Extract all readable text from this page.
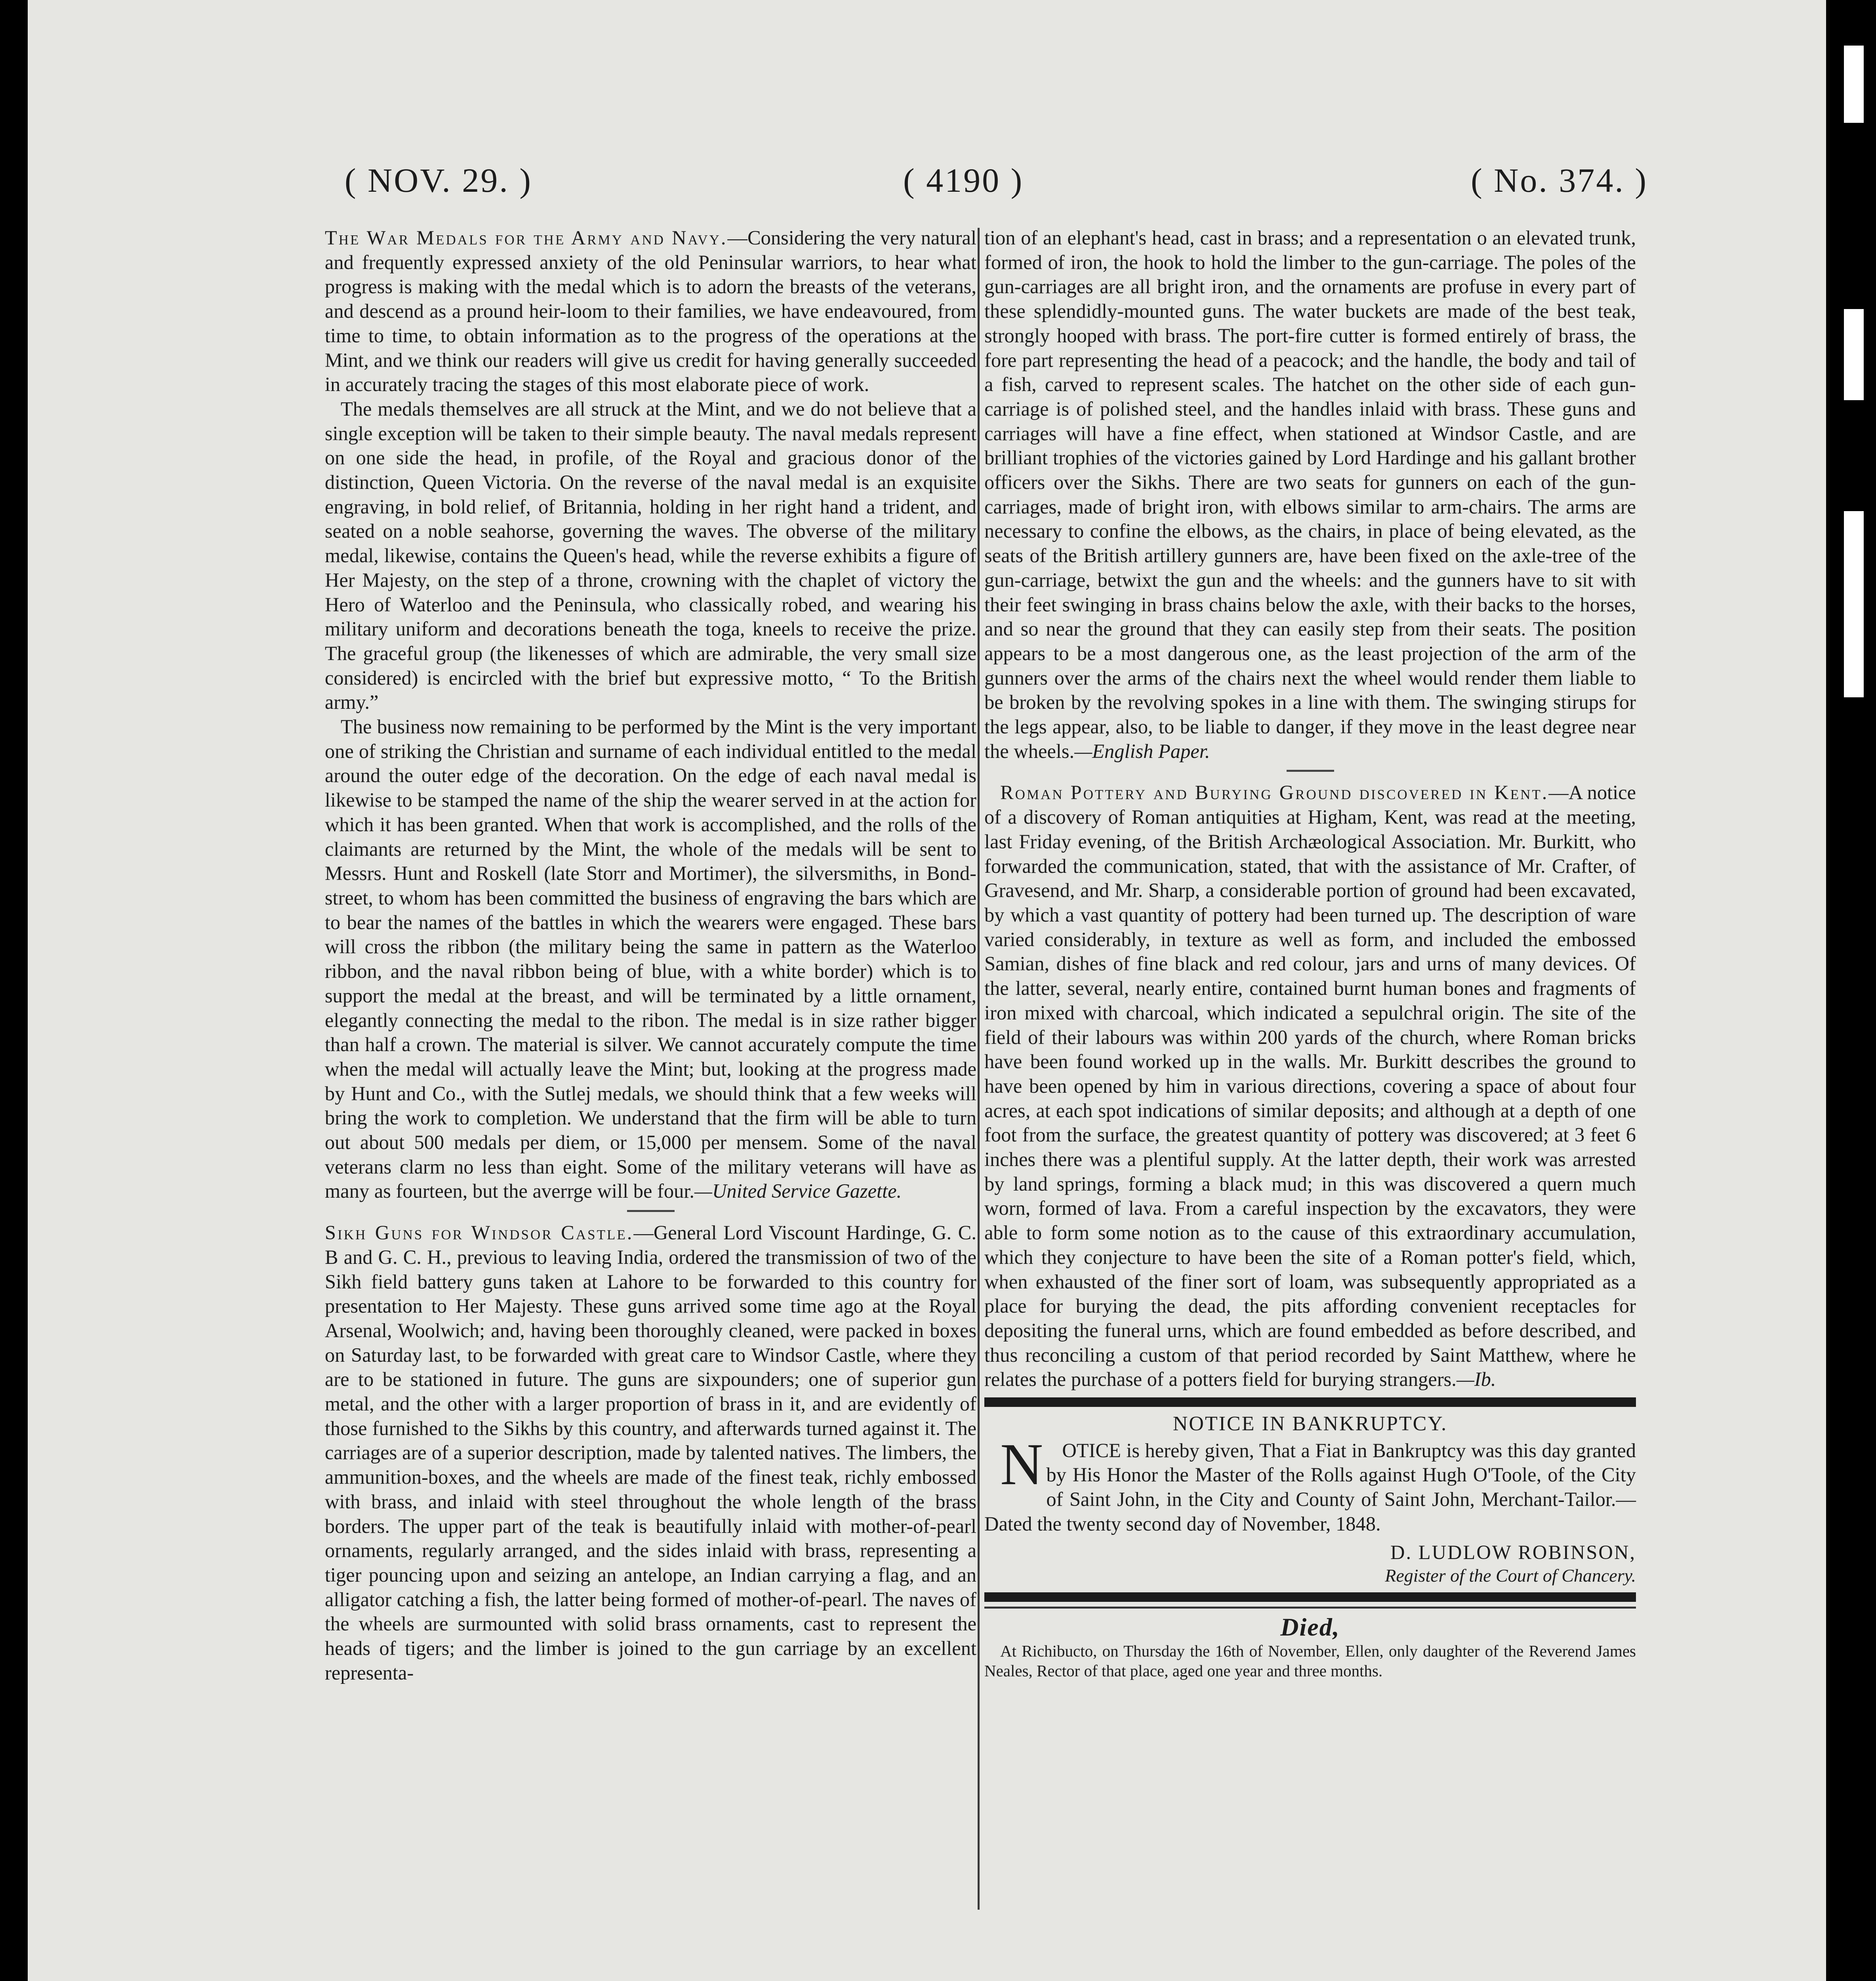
( NOV. 29. )	( 4190 )	( No. 374. )

The War Medals for the Army and Navy.—Considering the very natural and frequently expressed anxiety of the old Peninsular warriors, to hear what progress is making with the medal which is to adorn the breasts of the veterans, and descend as a pround heir-loom to their families, we have endeavoured, from time to time, to obtain information as to the progress of the operations at the Mint, and we think our readers will give us credit for having generally succeeded in accurately tracing the stages of this most elaborate piece of work.

The medals themselves are all struck at the Mint, and we do not believe that a single exception will be taken to their simple beauty. The naval medals represent on one side the head, in profile, of the Royal and gracious donor of the distinction, Queen Victoria. On the reverse of the naval medal is an exquisite engraving, in bold relief, of Britannia, holding in her right hand a trident, and seated on a noble seahorse, governing the waves. The obverse of the military medal, likewise, contains the Queen's head, while the reverse exhibits a figure of Her Majesty, on the step of a throne, crowning with the chaplet of victory the Hero of Waterloo and the Peninsula, who classically robed, and wearing his military uniform and decorations beneath the toga, kneels to receive the prize. The graceful group (the likenesses of which are admirable, the very small size considered) is encircled with the brief but expressive motto, “ To the British army.”

The business now remaining to be performed by the Mint is the very important one of striking the Christian and surname of each individual entitled to the medal around the outer edge of the decoration. On the edge of each naval medal is likewise to be stamped the name of the ship the wearer served in at the action for which it has been granted. When that work is accomplished, and the rolls of the claimants are returned by the Mint, the whole of the medals will be sent to Messrs. Hunt and Roskell (late Storr and Mortimer), the silversmiths, in Bond-street, to whom has been committed the business of engraving the bars which are to bear the names of the battles in which the wearers were engaged. These bars will cross the ribbon (the military being the same in pattern as the Waterloo ribbon, and the naval ribbon being of blue, with a white border) which is to support the medal at the breast, and will be terminated by a little ornament, elegantly connecting the medal to the ribon. The medal is in size rather bigger than half a crown. The material is silver. We cannot accurately compute the time when the medal will actually leave the Mint; but, looking at the progress made by Hunt and Co., with the Sutlej medals, we should think that a few weeks will bring the work to completion. We understand that the firm will be able to turn out about 500 medals per diem, or 15,000 per mensem. Some of the naval veterans clarm no less than eight. Some of the military veterans will have as many as fourteen, but the averrge will be four.—United Service Gazette.

Sikh Guns for Windsor Castle.—General Lord Viscount Hardinge, G. C. B and G. C. H., previous to leaving India, ordered the transmission of two of the Sikh field battery guns taken at Lahore to be forwarded to this country for presentation to Her Majesty. These guns arrived some time ago at the Royal Arsenal, Woolwich; and, having been thoroughly cleaned, were packed in boxes on Saturday last, to be forwarded with great care to Windsor Castle, where they are to be stationed in future. The guns are sixpounders; one of superior gun metal, and the other with a larger proportion of brass in it, and are evidently of those furnished to the Sikhs by this country, and afterwards turned against it. The carriages are of a superior description, made by talented natives. The limbers, the ammunition-boxes, and the wheels are made of the finest teak, richly embossed with brass, and inlaid with steel throughout the whole length of the brass borders. The upper part of the teak is beautifully inlaid with mother-of-pearl ornaments, regularly arranged, and the sides inlaid with brass, representing a tiger pouncing upon and seizing an antelope, an Indian carrying a flag, and an alligator catching a fish, the latter being formed of mother-of-pearl. The naves of the wheels are surmounted with solid brass ornaments, cast to represent the heads of tigers; and the limber is joined to the gun carriage by an excellent representa-

tion of an elephant's head, cast in brass; and a representation o an elevated trunk, formed of iron, the hook to hold the limber to the gun-carriage. The poles of the gun-carriages are all bright iron, and the ornaments are profuse in every part of these splendidly-mounted guns. The water buckets are made of the best teak, strongly hooped with brass. The port-fire cutter is formed entirely of brass, the fore part representing the head of a peacock; and the handle, the body and tail of a fish, carved to represent scales. The hatchet on the other side of each gun-carriage is of polished steel, and the handles inlaid with brass. These guns and carriages will have a fine effect, when stationed at Windsor Castle, and are brilliant trophies of the victories gained by Lord Hardinge and his gallant brother officers over the Sikhs. There are two seats for gunners on each of the gun-carriages, made of bright iron, with elbows similar to arm-chairs. The arms are necessary to confine the elbows, as the chairs, in place of being elevated, as the seats of the British artillery gunners are, have been fixed on the axle-tree of the gun-carriage, betwixt the gun and the wheels: and the gunners have to sit with their feet swinging in brass chains below the axle, with their backs to the horses, and so near the ground that they can easily step from their seats. The position appears to be a most dangerous one, as the least projection of the arm of the gunners over the arms of the chairs next the wheel would render them liable to be broken by the revolving spokes in a line with them. The swinging stirups for the legs appear, also, to be liable to danger, if they move in the least degree near the wheels.—English Paper.

Roman Pottery and Burying Ground discovered in Kent.—A notice of a discovery of Roman antiquities at Higham, Kent, was read at the meeting, last Friday evening, of the British Archæological Association. Mr. Burkitt, who forwarded the communication, stated, that with the assistance of Mr. Crafter, of Gravesend, and Mr. Sharp, a considerable portion of ground had been excavated, by which a vast quantity of pottery had been turned up. The description of ware varied considerably, in texture as well as form, and included the embossed Samian, dishes of fine black and red colour, jars and urns of many devices. Of the latter, several, nearly entire, contained burnt human bones and fragments of iron mixed with charcoal, which indicated a sepulchral origin. The site of the field of their labours was within 200 yards of the church, where Roman bricks have been found worked up in the walls. Mr. Burkitt describes the ground to have been opened by him in various directions, covering a space of about four acres, at each spot indications of similar deposits; and although at a depth of one foot from the surface, the greatest quantity of pottery was discovered; at 3 feet 6 inches there was a plentiful supply. At the latter depth, their work was arrested by land springs, forming a black mud; in this was discovered a quern much worn, formed of lava. From a careful inspection by the excavators, they were able to form some notion as to the cause of this extraordinary accumulation, which they conjecture to have been the site of a Roman potter's field, which, when exhausted of the finer sort of loam, was subsequently appropriated as a place for burying the dead, the pits affording convenient receptacles for depositing the funeral urns, which are found embedded as before described, and thus reconciling a custom of that period recorded by Saint Matthew, where he relates the purchase of a potters field for burying strangers.—Ib.

NOTICE IN BANKRUPTCY.

NOTICE is hereby given, That a Fiat in Bankruptcy was this day granted by His Honor the Master of the Rolls against Hugh O'Toole, of the City of Saint John, in the City and County of Saint John, Merchant-Tailor.—Dated the twenty second day of November, 1848.

D. LUDLOW ROBINSON,
Register of the Court of Chancery.
Died,

At Richibucto, on Thursday the 16th of November, Ellen, only daughter of the Reverend James Neales, Rector of that place, aged one year and three months.
